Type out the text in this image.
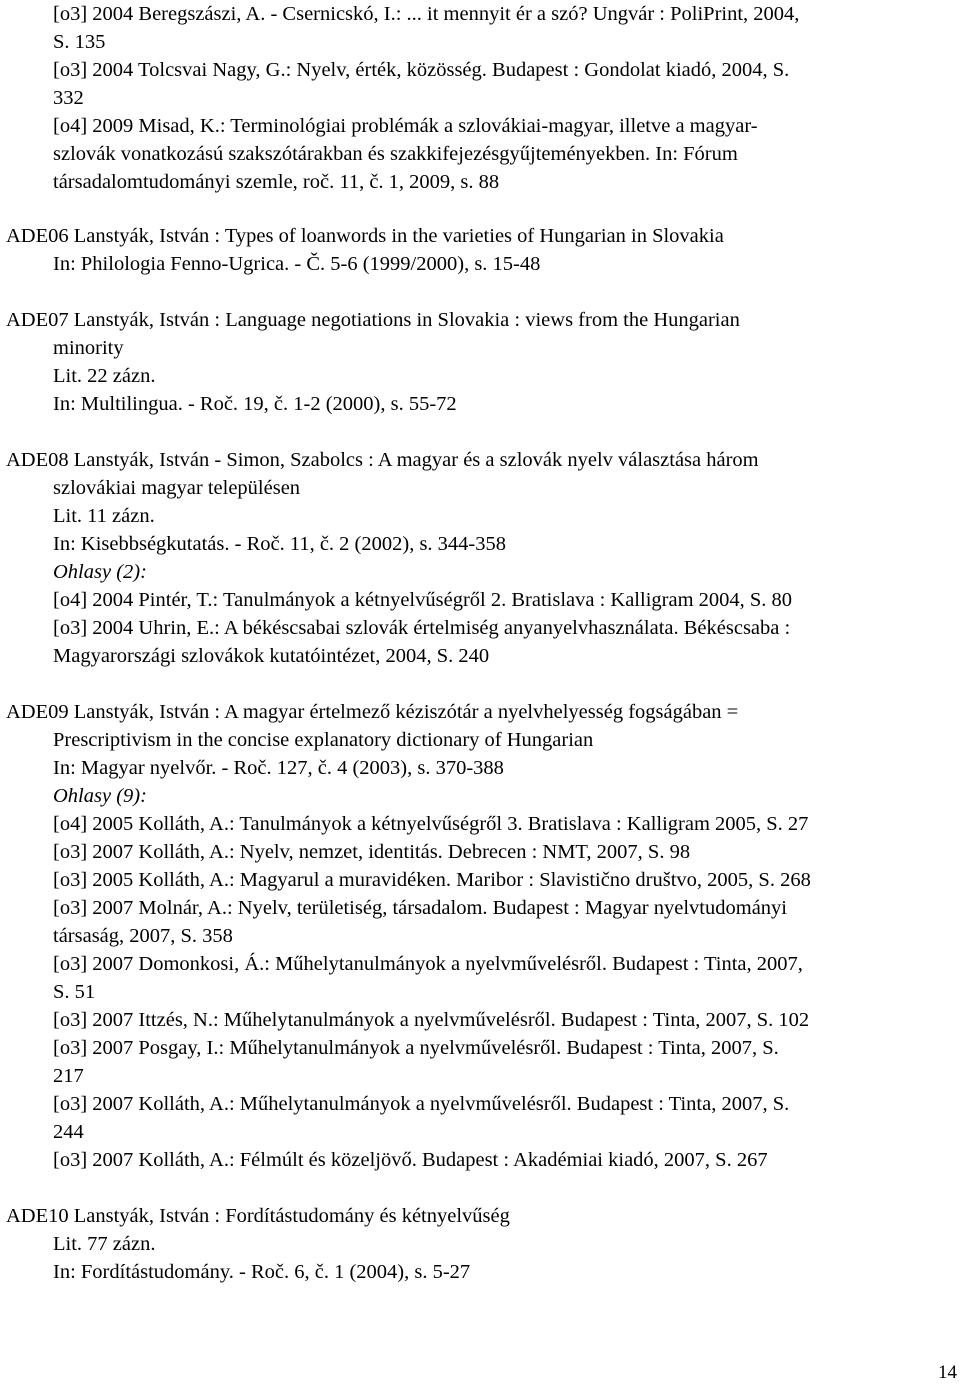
[o3] 2004 Beregszászi, A. - Csernicskó, I.: ... it mennyit ér a szó? Ungvár : PoliPrint, 2004,
S. 135
[o3] 2004 Tolcsvai Nagy, G.: Nyelv, érték, közösség. Budapest : Gondolat kiadó, 2004, S.
332
[o4] 2009 Misad, K.: Terminológiai problémák a szlovákiai-magyar, illetve a magyar-
szlovák vonatkozású szakszótárakban és szakkifejezésgyűjteményekben. In: Fórum
társadalomtudományi szemle, roč. 11, č. 1, 2009, s. 88
ADE06 Lanstyák, István : Types of loanwords in the varieties of Hungarian in Slovakia
In: Philologia Fenno-Ugrica. - Č. 5-6 (1999/2000), s. 15-48
ADE07 Lanstyák, István : Language negotiations in Slovakia : views from the Hungarian
minority
Lit. 22 zázn.
In: Multilingua. - Roč. 19, č. 1-2 (2000), s. 55-72
ADE08 Lanstyák, István - Simon, Szabolcs : A magyar és a szlovák nyelv választása három
szlovákiai magyar településen
Lit. 11 zázn.
In: Kisebbségkutatás. - Roč. 11, č. 2 (2002), s. 344-358
Ohlasy (2):
[o4] 2004 Pintér, T.: Tanulmányok a kétnyelvűségről 2. Bratislava : Kalligram 2004, S. 80
[o3] 2004 Uhrin, E.: A békéscsabai szlovák értelmiség anyanyelvhasználata. Békéscsaba :
Magyarországi szlovákok kutatóintézet, 2004, S. 240
ADE09 Lanstyák, István : A magyar értelmező kéziszótár a nyelvhelyesség fogságában =
Prescriptivism in the concise explanatory dictionary of Hungarian
In: Magyar nyelvőr. - Roč. 127, č. 4 (2003), s. 370-388
Ohlasy (9):
[o4] 2005 Kolláth, A.: Tanulmányok a kétnyelvűségről 3. Bratislava : Kalligram 2005, S. 27
[o3] 2007 Kolláth, A.: Nyelv, nemzet, identitás. Debrecen : NMT, 2007, S. 98
[o3] 2005 Kolláth, A.: Magyarul a muravidéken. Maribor : Slavistično društvo, 2005, S. 268
[o3] 2007 Molnár, A.: Nyelv, területiség, társadalom. Budapest : Magyar nyelvtudományi
társaság, 2007, S. 358
[o3] 2007 Domonkosi, Á.: Műhelytanulmányok a nyelvművelésről. Budapest : Tinta, 2007,
S. 51
[o3] 2007 Ittzés, N.: Műhelytanulmányok a nyelvművelésről. Budapest : Tinta, 2007, S. 102
[o3] 2007 Posgay, I.: Műhelytanulmányok a nyelvművelésről. Budapest : Tinta, 2007, S.
217
[o3] 2007 Kolláth, A.: Műhelytanulmányok a nyelvművelésről. Budapest : Tinta, 2007, S.
244
[o3] 2007 Kolláth, A.: Félmúlt és közeljövő. Budapest : Akadémiai kiadó, 2007, S. 267
ADE10 Lanstyák, István : Fordítástudomány és kétnyelvűség
Lit. 77 zázn.
In: Fordítástudomány. - Roč. 6, č. 1 (2004), s. 5-27
14
